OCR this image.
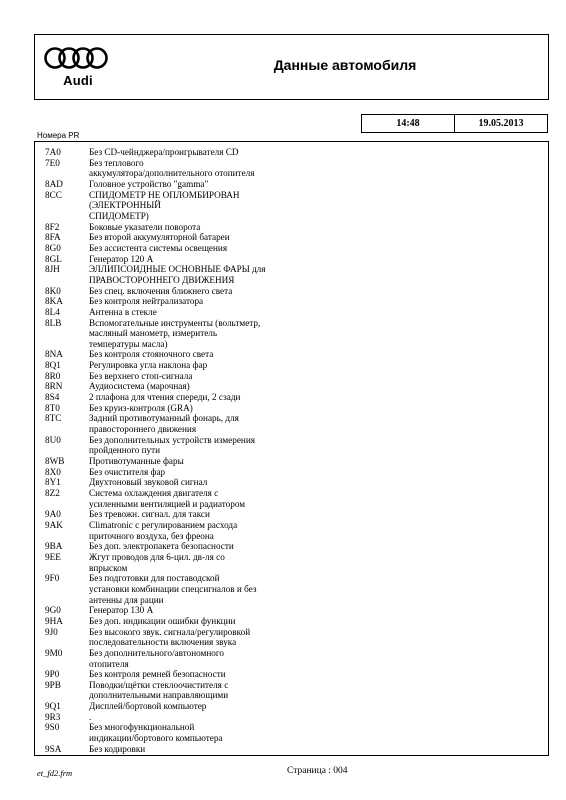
Audi
Данные автомобиля
14:48	19.05.2013
Номера PR
7A0	Без CD-чейнджера/проигрывателя CD
7E0	Без теплового
аккумулятора/дополнительного отопителя
8AD	Головное устройство "gamma"
8CC	СПИДОМЕТР НЕ ОПЛОМБИРОВАН (ЭЛЕКТРОННЫЙ
СПИДОМЕТР)
8F2	Боковые указатели поворота
8FA	Без второй аккумуляторной батареи
8G0	Без ассистента системы освещения
8GL	Генератор 120 А
8JH	ЭЛЛИПСОИДНЫЕ ОСНОВНЫЕ ФАРЫ для
ПРАВОСТОРОННЕГО ДВИЖЕНИЯ
8K0	Без спец. включения ближнего света
8KA	Без контроля нейтрализатора
8L4	Антенна в стекле
8LB	Вспомогательные инструменты (вольтметр,
масляный манометр, измеритель
температуры масла)
8NA	Без контроля стояночного света
8Q1	Регулировка угла наклона фар
8R0	Без верхнего стоп-сигнала
8RN	Аудиосистема (марочная)
8S4	2 плафона для чтения спереди, 2 сзади
8T0	Без круиз-контроля (GRA)
8TC	Задний противотуманный фонарь, для
правостороннего движения
8U0	Без дополнительных устройств измерения
пройденного пути
8WB	Противотуманные фары
8X0	Без очистителя фар
8Y1	Двухтоновый звуковой сигнал
8Z2	Система охлаждения двигателя с
усиленными вентиляцией и радиатором
9A0	Без тревожн. сигнал. для такси
9AK	Climatronic с регулированием расхода
приточного воздуха, без фреона
9BA	Без доп. электропакета безопасности
9EE	Жгут проводов для 6-цил. дв-ля со
впрыском
9F0	Без подготовки для поставодской
установки комбинации спецсигналов и без
антенны для рации
9G0	Генератор 130 А
9HA	Без доп. индикации ошибки функции
9J0	Без высокого звук. сигнала/регулировкой
последовательности включения звука
9M0	Без дополнительного/автономного
отопителя
9P0	Без контроля ремней безопасности
9PB	Поводки/щётки стеклоочистителя с
дополнительными направляющими
9Q1	Дисплей/бортовой компьютер
9R3	.
9S0	Без многофункциональной
индикации/бортового компьютера
9SA	Без кодировки
et_fd2.frm	Страница : 004
